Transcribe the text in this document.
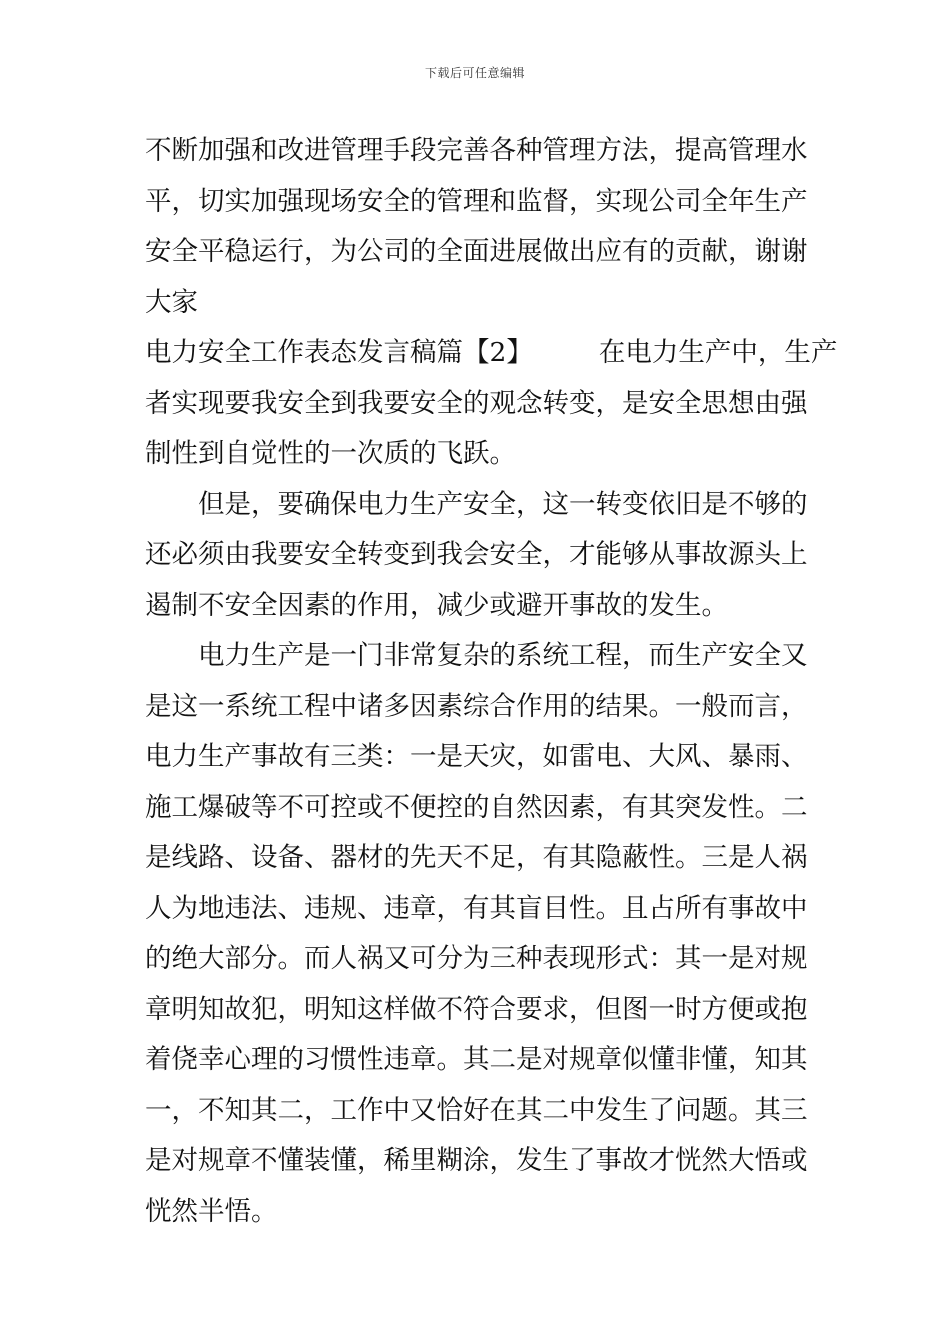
下载后可任意编辑
不断加强和改进管理手段完善各种管理方法，提高管理水
平，切实加强现场安全的管理和监督，实现公司全年生产
安全平稳运行，为公司的全面进展做出应有的贡献，谢谢
大家
电力安全工作表态发言稿篇【2】 在电力生产中，生产
者实现要我安全到我要安全的观念转变，是安全思想由强
制性到自觉性的一次质的飞跃。
但是，要确保电力生产安全，这一转变依旧是不够的
还必须由我要安全转变到我会安全，才能够从事故源头上
遏制不安全因素的作用，减少或避开事故的发生。
电力生产是一门非常复杂的系统工程，而生产安全又
是这一系统工程中诸多因素综合作用的结果。一般而言，
电力生产事故有三类：一是天灾，如雷电、大风、暴雨、
施工爆破等不可控或不便控的自然因素，有其突发性。二
是线路、设备、器材的先天不足，有其隐蔽性。三是人祸
人为地违法、违规、违章，有其盲目性。且占所有事故中
的绝大部分。而人祸又可分为三种表现形式：其一是对规
章明知故犯，明知这样做不符合要求，但图一时方便或抱
着侥幸心理的习惯性违章。其二是对规章似懂非懂，知其
一，不知其二，工作中又恰好在其二中发生了问题。其三
是对规章不懂装懂，稀里糊涂，发生了事故才恍然大悟或
恍然半悟。
